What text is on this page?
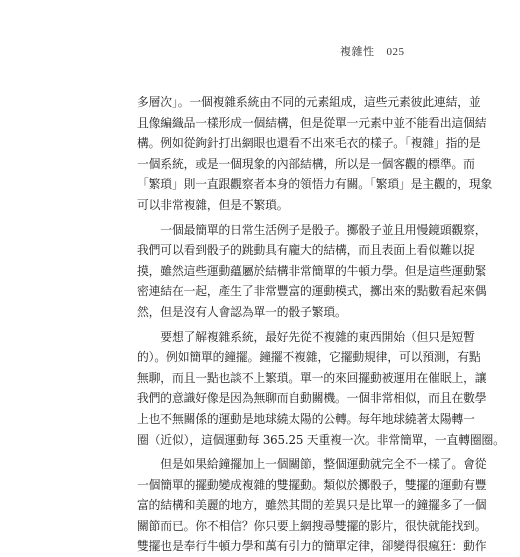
複雜性 025
多層次」。一個複雜系統由不同的元素組成，這些元素彼此連結，並
且像編織品一樣形成一個結構，但是從單一元素中並不能看出這個結
構。例如從鉤針打出網眼也還看不出來毛衣的樣子。「複雜」指的是
一個系統，或是一個現象的內部結構，所以是一個客觀的標準。而
「繁瑣」則一直跟觀察者本身的領悟力有關。「繁瑣」是主觀的，現象
可以非常複雜，但是不繁瑣。
　　一個最簡單的日常生活例子是骰子。擲骰子並且用慢鏡頭觀察，
我們可以看到骰子的跳動具有龐大的結構，而且表面上看似難以捉
摸，雖然這些運動蘊屬於結構非常簡單的牛頓力學。但是這些運動緊
密連結在一起，產生了非常豐富的運動模式，擲出來的點數看起來偶
然，但是沒有人會認為單一的骰子繁瑣。
　　要想了解複雜系統，最好先從不複雜的東西開始（但只是短暫
的）。例如簡單的鐘擺。鐘擺不複雜，它擺動規律，可以預測，有點
無聊，而且一點也談不上繁瑣。單一的來回擺動被運用在催眠上，讓
我們的意識好像是因為無聊而自動關機。一個非常相似，而且在數學
上也不無關係的運動是地球繞太陽的公轉。每年地球繞著太陽轉一
圈（近似），這個運動每 365.25 天重複一次。非常簡單，一直轉圈圈。
　　但是如果給鐘擺加上一個關節，整個運動就完全不一樣了。會從
一個簡單的擺動變成複雜的雙擺動。類似於擲骰子，雙擺的運動有豐
富的結構和美麗的地方，雖然其間的差異只是比單一的鐘擺多了一個
關節而已。你不相信？你只要上網搜尋雙擺的影片，很快就能找到。
雙擺也是奉行牛頓力學和萬有引力的簡單定律，卻變得很瘋狂：動作
